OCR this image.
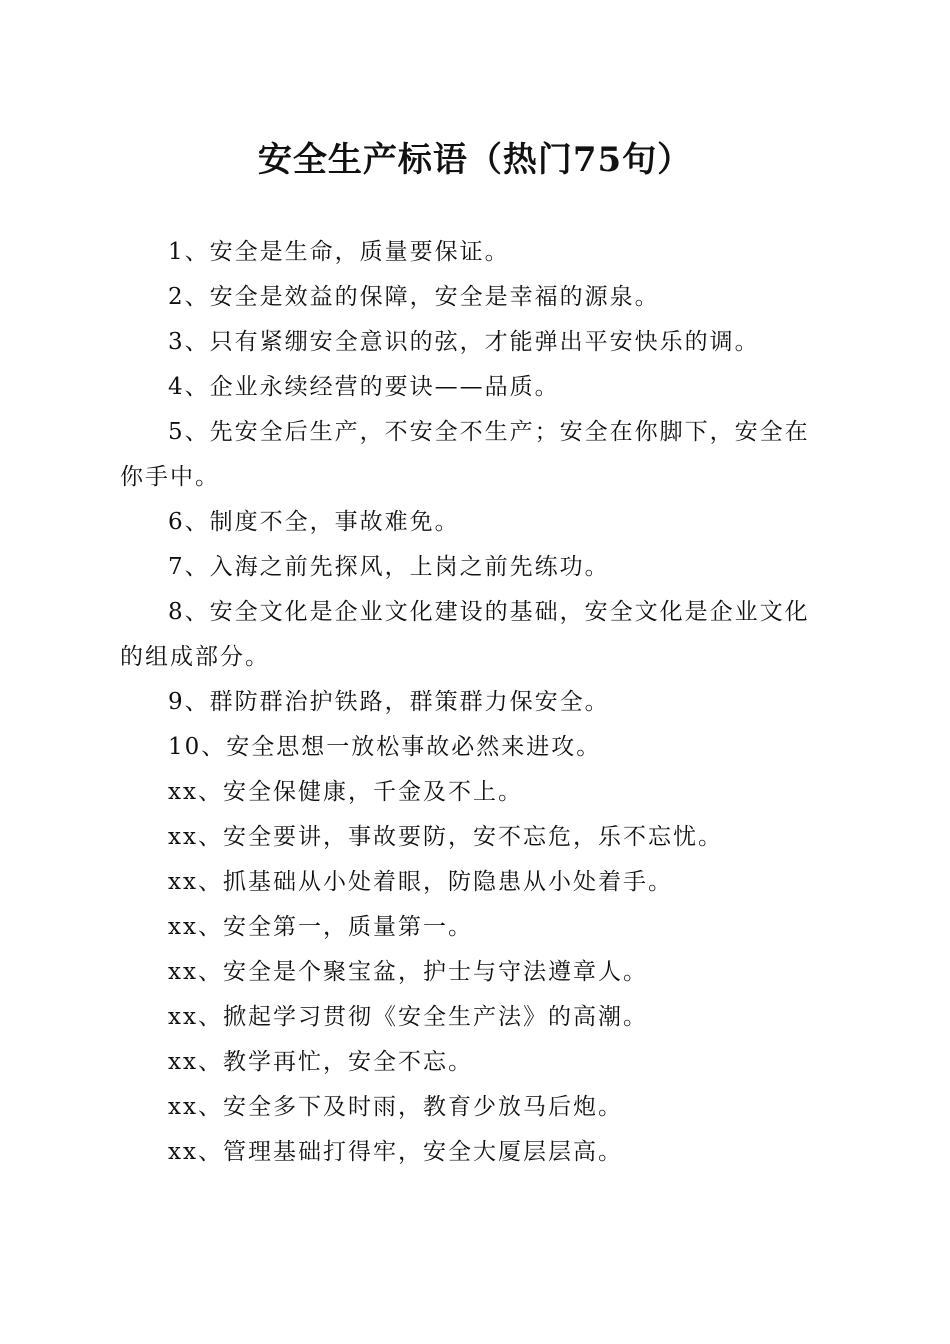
安全生产标语（热门75句）

1、安全是生命，质量要保证。

2、安全是效益的保障，安全是幸福的源泉。

3、只有紧绷安全意识的弦，才能弹出平安快乐的调。

4、企业永续经营的要诀——品质。

5、先安全后生产，不安全不生产；安全在你脚下，安全在你手中。

6、制度不全，事故难免。

7、入海之前先探风，上岗之前先练功。

8、安全文化是企业文化建设的基础，安全文化是企业文化的组成部分。

9、群防群治护铁路，群策群力保安全。

10、安全思想一放松事故必然来进攻。

xx、安全保健康，千金及不上。

xx、安全要讲，事故要防，安不忘危，乐不忘忧。

xx、抓基础从小处着眼，防隐患从小处着手。

xx、安全第一，质量第一。

xx、安全是个聚宝盆，护士与守法遵章人。

xx、掀起学习贯彻《安全生产法》的高潮。

xx、教学再忙，安全不忘。

xx、安全多下及时雨，教育少放马后炮。

xx、管理基础打得牢，安全大厦层层高。
